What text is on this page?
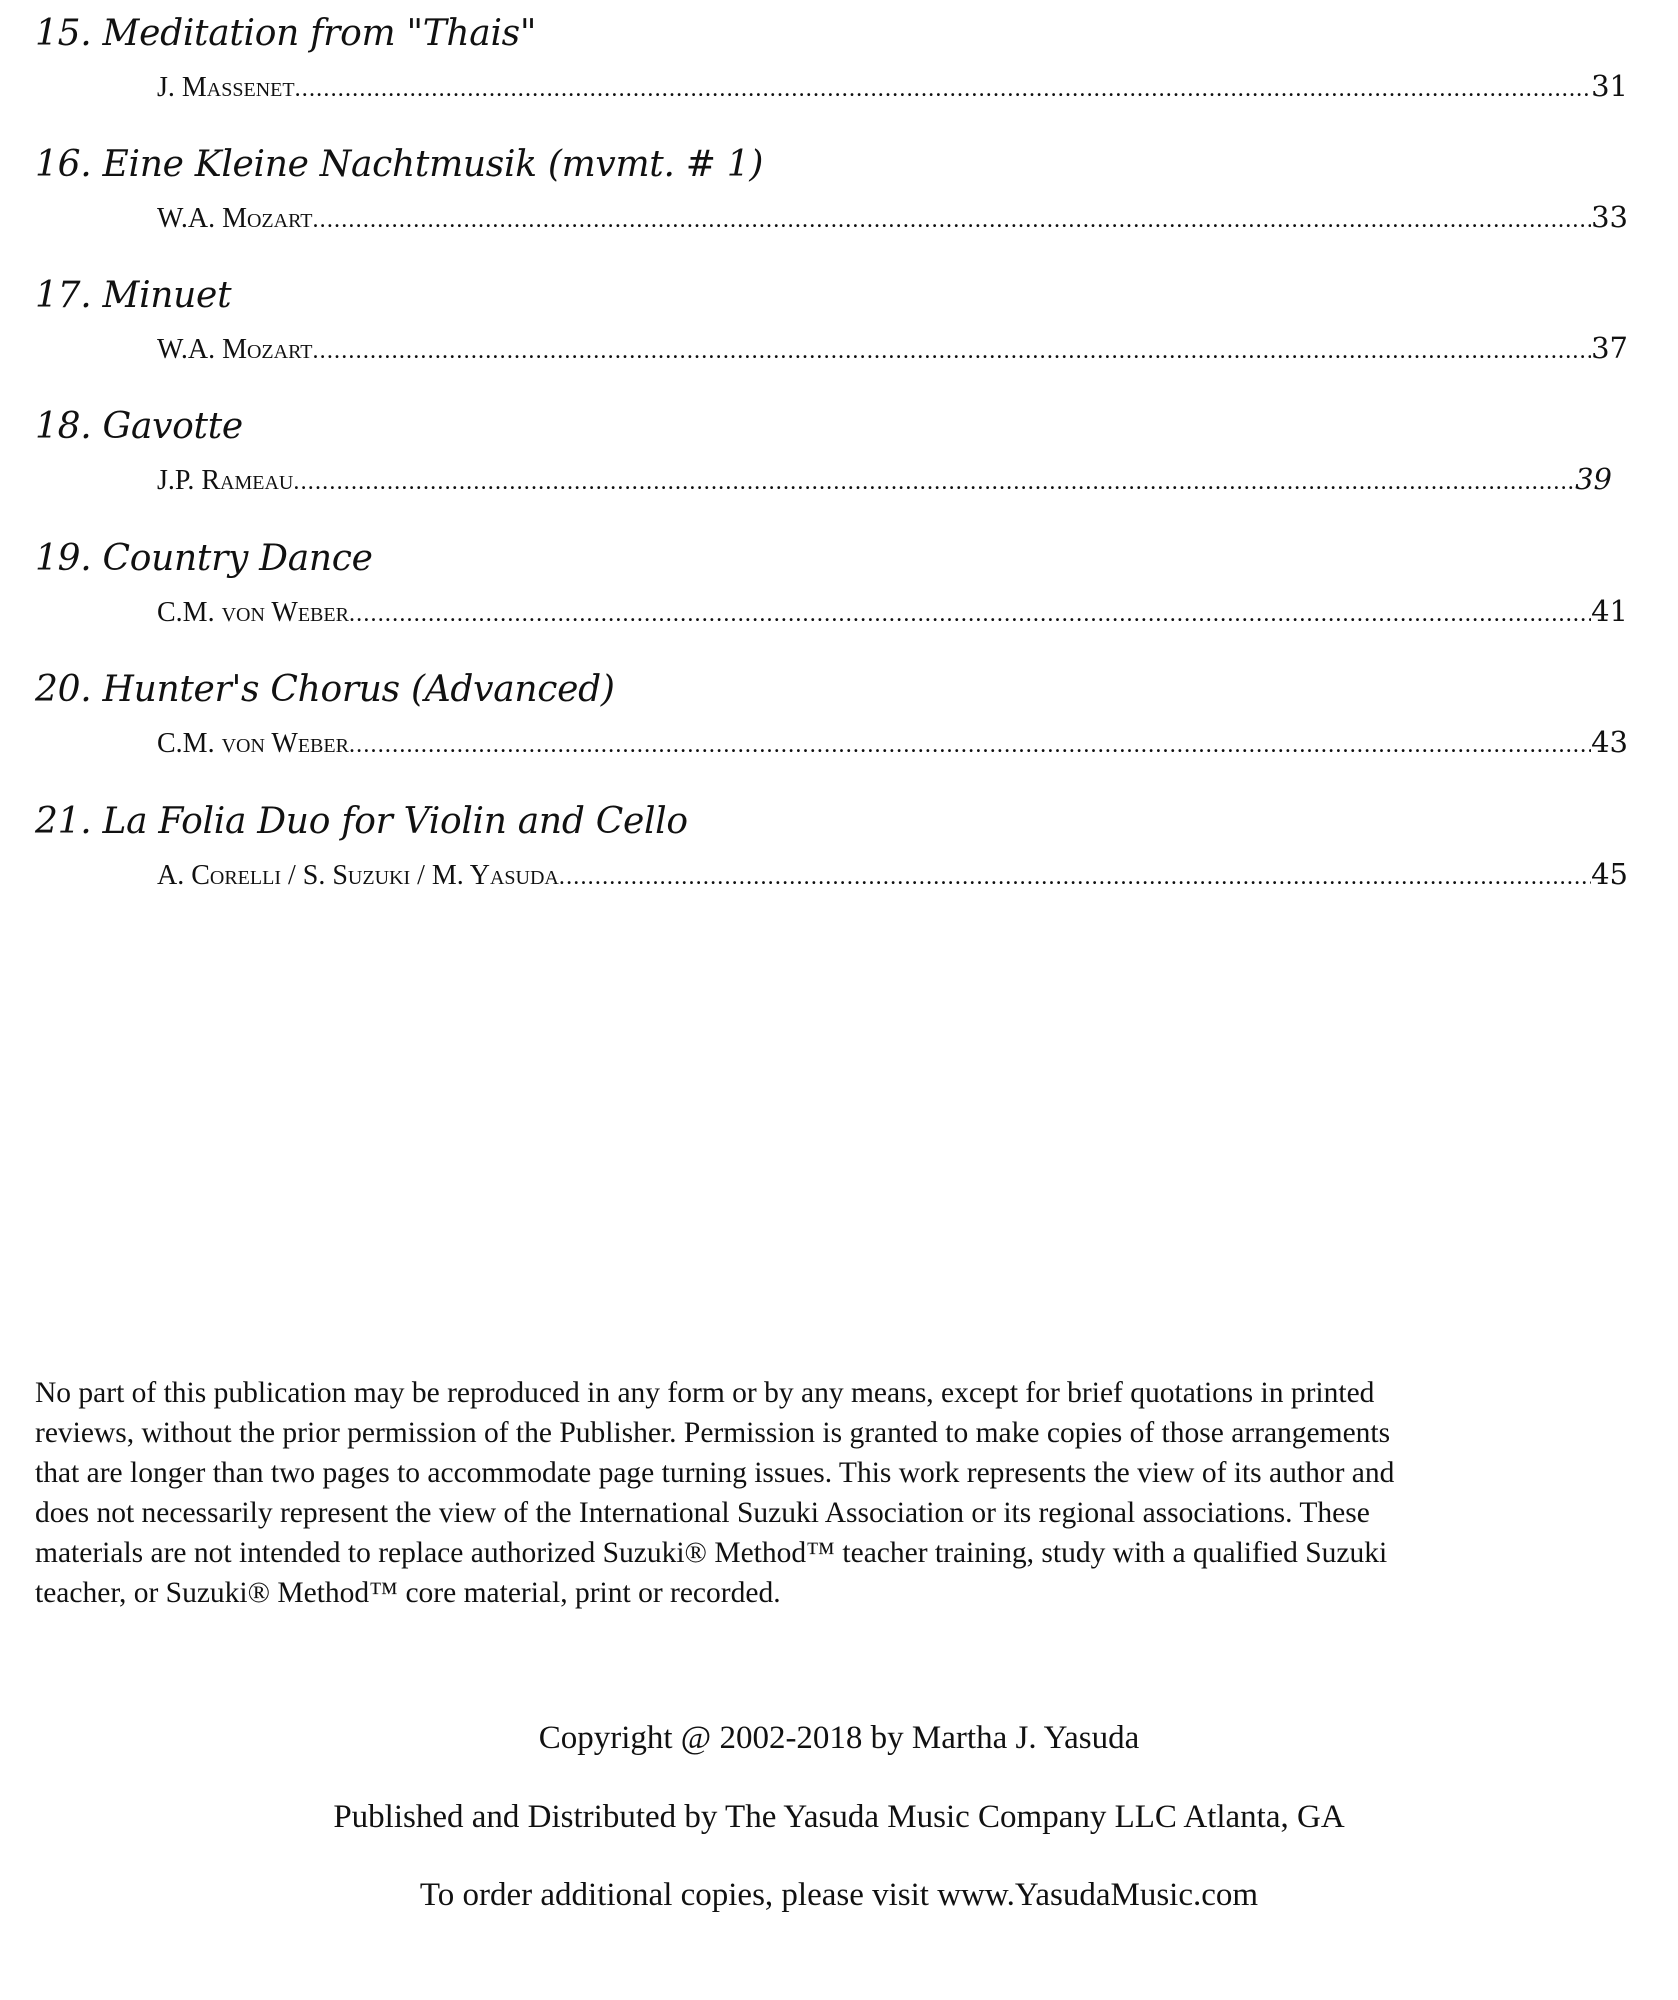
15. Meditation from "Thais"
J. Massenet .....	31
16. Eine Kleine Nachtmusik (mvmt. # 1)
W.A. Mozart .....	33
17. Minuet
W.A. Mozart .....	37
18. Gavotte
J.P. Rameau .....	39
19. Country Dance
C.M. von Weber .....	41
20. Hunter's Chorus (Advanced)
C.M. von Weber .....	43
21. La Folia Duo for Violin and Cello
A. Corelli / S. Suzuki / M. Yasuda .....	45

No part of this publication may be reproduced in any form or by any means, except for brief quotations in printed
reviews, without the prior permission of the Publisher. Permission is granted to make copies of those arrangements
that are longer than two pages to accommodate page turning issues. This work represents the view of its author and
does not necessarily represent the view of the International Suzuki Association or its regional associations. These
materials are not intended to replace authorized Suzuki® Method™ teacher training, study with a qualified Suzuki
teacher, or Suzuki® Method™ core material, print or recorded.

Copyright @ 2002-2018 by Martha J. Yasuda
Published and Distributed by The Yasuda Music Company LLC Atlanta, GA
To order additional copies, please visit www.YasudaMusic.com
